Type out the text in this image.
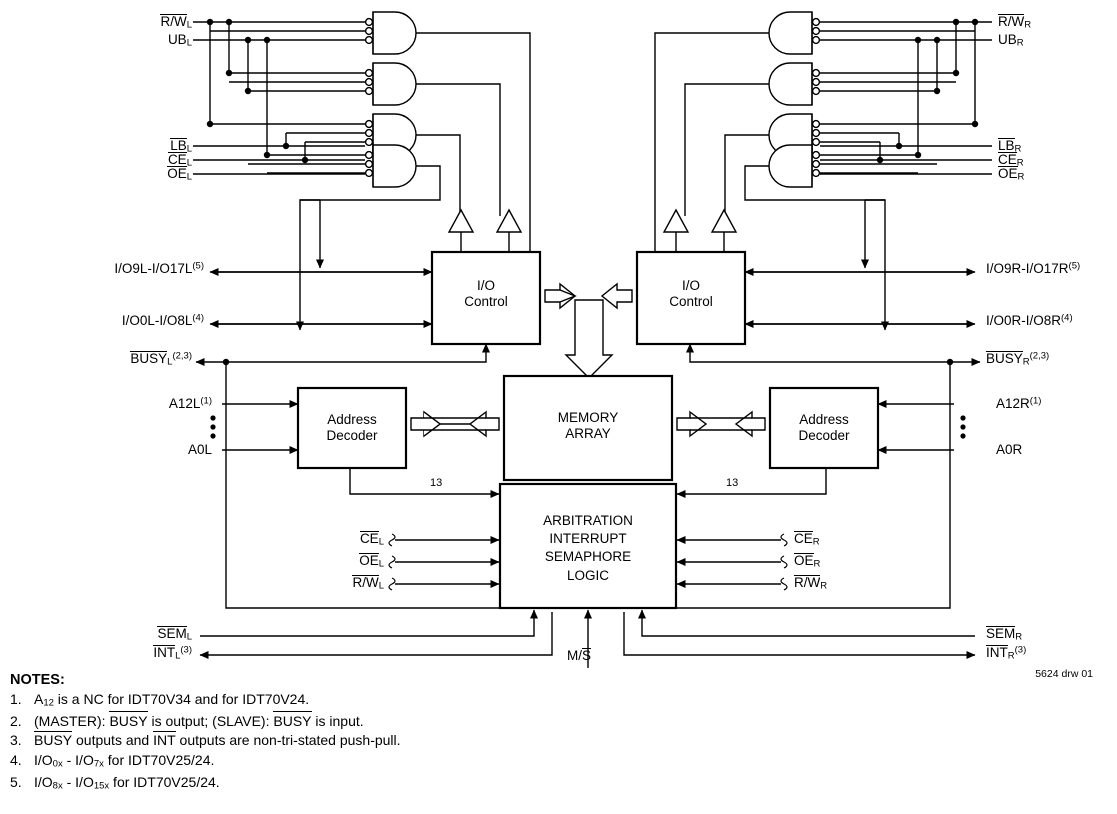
R/WL
UBL
LBL
CEL
OEL
R/WR
UBR
LBR
CER
OER
$I/O9L-I/O17L^{(5)}$
$I/O0L-I/O8L^{(4)}$
$I/O9R-I/O17R^{(5)}$
$I/O0R-I/O8R^{(4)}$
BUSYL$^{(2,3)}$	BUSYR$^{(2,3)}$
$A12L^{(1)}$
A0L
$A12R^{(1)}$
A0R
13	13
CEL
OEL
R/WL
CER
OER
R/WR
SEML
INTL$^{(3)}$
SEMR
INTR$^{(3)}$
M/S
I/O
Control
I/O
Control
Address
Decoder
Address
Decoder
MEMORY
ARRAY
ARBITRATION
INTERRUPT
SEMAPHORE
LOGIC
5624 drw 01
NOTES:
1. A12 is a NC for IDT70V34 and for IDT70V24.
2. (MASTER): BUSY is output; (SLAVE): BUSY is input.
3. BUSY outputs and INT outputs are non-tri-stated push-pull.
4. I/O0x - I/O7x for IDT70V25/24.
5. I/O8x - I/O15x for IDT70V25/24.
